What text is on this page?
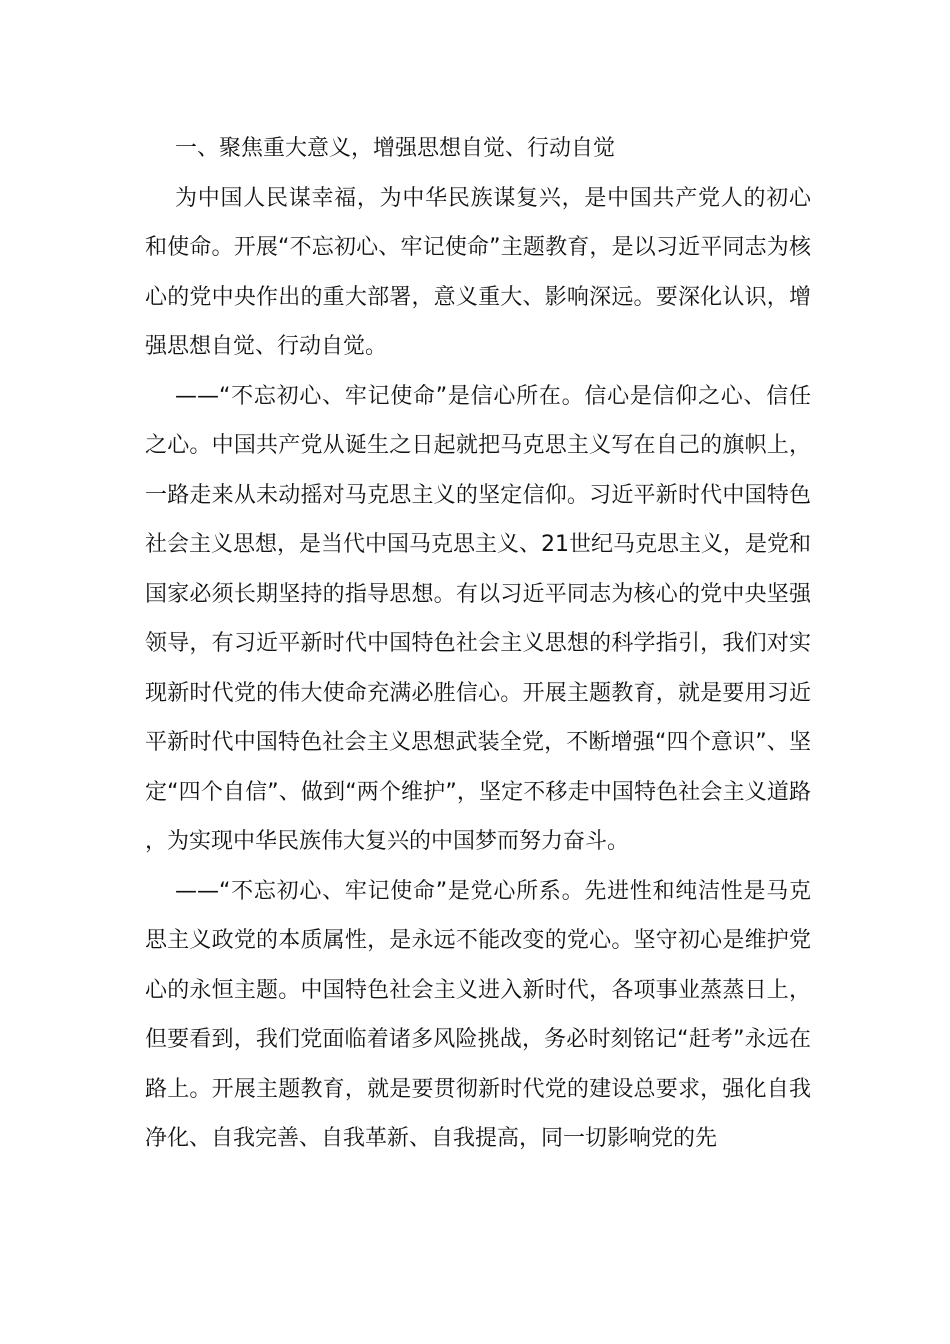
一、聚焦重大意义，增强思想自觉、行动自觉

为中国人民谋幸福，为中华民族谋复兴，是中国共产党人的初心和使命。开展“不忘初心、牢记使命”主题教育，是以习近平同志为核心的党中央作出的重大部署，意义重大、影响深远。要深化认识，增强思想自觉、行动自觉。

——“不忘初心、牢记使命”是信心所在。信心是信仰之心、信任之心。中国共产党从诞生之日起就把马克思主义写在自己的旗帜上，一路走来从未动摇对马克思主义的坚定信仰。习近平新时代中国特色社会主义思想，是当代中国马克思主义、21世纪马克思主义，是党和国家必须长期坚持的指导思想。有以习近平同志为核心的党中央坚强领导，有习近平新时代中国特色社会主义思想的科学指引，我们对实现新时代党的伟大使命充满必胜信心。开展主题教育，就是要用习近平新时代中国特色社会主义思想武装全党，不断增强“四个意识”、坚定“四个自信”、做到“两个维护”，坚定不移走中国特色社会主义道路，为实现中华民族伟大复兴的中国梦而努力奋斗。

——“不忘初心、牢记使命”是党心所系。先进性和纯洁性是马克思主义政党的本质属性，是永远不能改变的党心。坚守初心是维护党心的永恒主题。中国特色社会主义进入新时代，各项事业蒸蒸日上，但要看到，我们党面临着诸多风险挑战，务必时刻铭记“赶考”永远在路上。开展主题教育，就是要贯彻新时代党的建设总要求，强化自我净化、自我完善、自我革新、自我提高，同一切影响党的先
